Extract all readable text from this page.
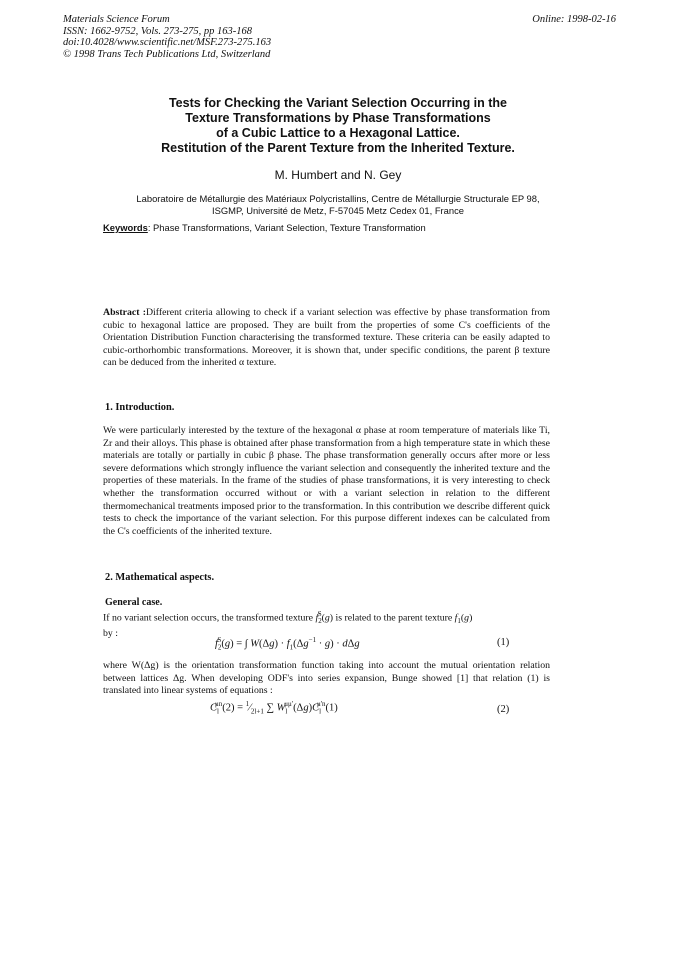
Materials Science Forum
ISSN: 1662-9752, Vols. 273-275, pp 163-168
doi:10.4028/www.scientific.net/MSF.273-275.163
© 1998 Trans Tech Publications Ltd, Switzerland
Online: 1998-02-16
Tests for Checking the Variant Selection Occurring in the
Texture Transformations by Phase Transformations
of a Cubic Lattice to a Hexagonal Lattice.
Restitution of the Parent Texture from the Inherited Texture.
M. Humbert and N. Gey
Laboratoire de Métallurgie des Matériaux Polycristallins, Centre de Métallurgie Structurale EP 98,
ISGMP, Université de Metz, F-57045 Metz Cedex 01, France
Keywords: Phase Transformations, Variant Selection, Texture Transformation
Abstract :Different criteria allowing to check if a variant selection was effective by phase transformation from cubic to hexagonal lattice are proposed. They are built from the properties of some C's coefficients of the Orientation Distribution Function characterising the transformed texture. These criteria can be easily adapted to cubic-orthorhombic transformations. Moreover, it is shown that, under specific conditions, the parent β texture can be deduced from the inherited α texture.
1. Introduction.
We were particularly interested by the texture of the hexagonal α phase at room temperature of materials like Ti, Zr and their alloys. This phase is obtained after phase transformation from a high temperature state in which these materials are totally or partially in cubic β phase. The phase transformation generally occurs after more or less severe deformations which strongly influence the variant selection and consequently the inherited texture and the properties of these materials. In the frame of the studies of phase transformations, it is very interesting to check whether the transformation occurred without or with a variant selection in relation to the different thermomechanical treatments imposed prior to the transformation. In this contribution we describe different quick tests to check the importance of the variant selection. For this purpose different indexes can be calculated from the C's coefficients of the inherited texture.
2. Mathematical aspects.
General case.
If no variant selection occurs, the transformed texture $f_2^S(g)$ is related to the parent texture $f_1(g)$
by :
$f_2^S(g)$ = ∫ $W(\Delta g) \cdot f_1(\Delta g^{-1} \cdot g) \cdot d\Delta g$	(1)
where W(Δg) is the orientation transformation function taking into account the mutual orientation relation between lattices Δg. When developing ODF's into series expansion, Bunge showed [1] that relation (1) is translated into linear systems of equations :
$C_l^{\mu n}(2)$ = $^1⁄_{2l+1}$ ∑ $W_l^{\mu\mu'}(\Delta g)C_l^{\mu'n}(1)$	(2)
